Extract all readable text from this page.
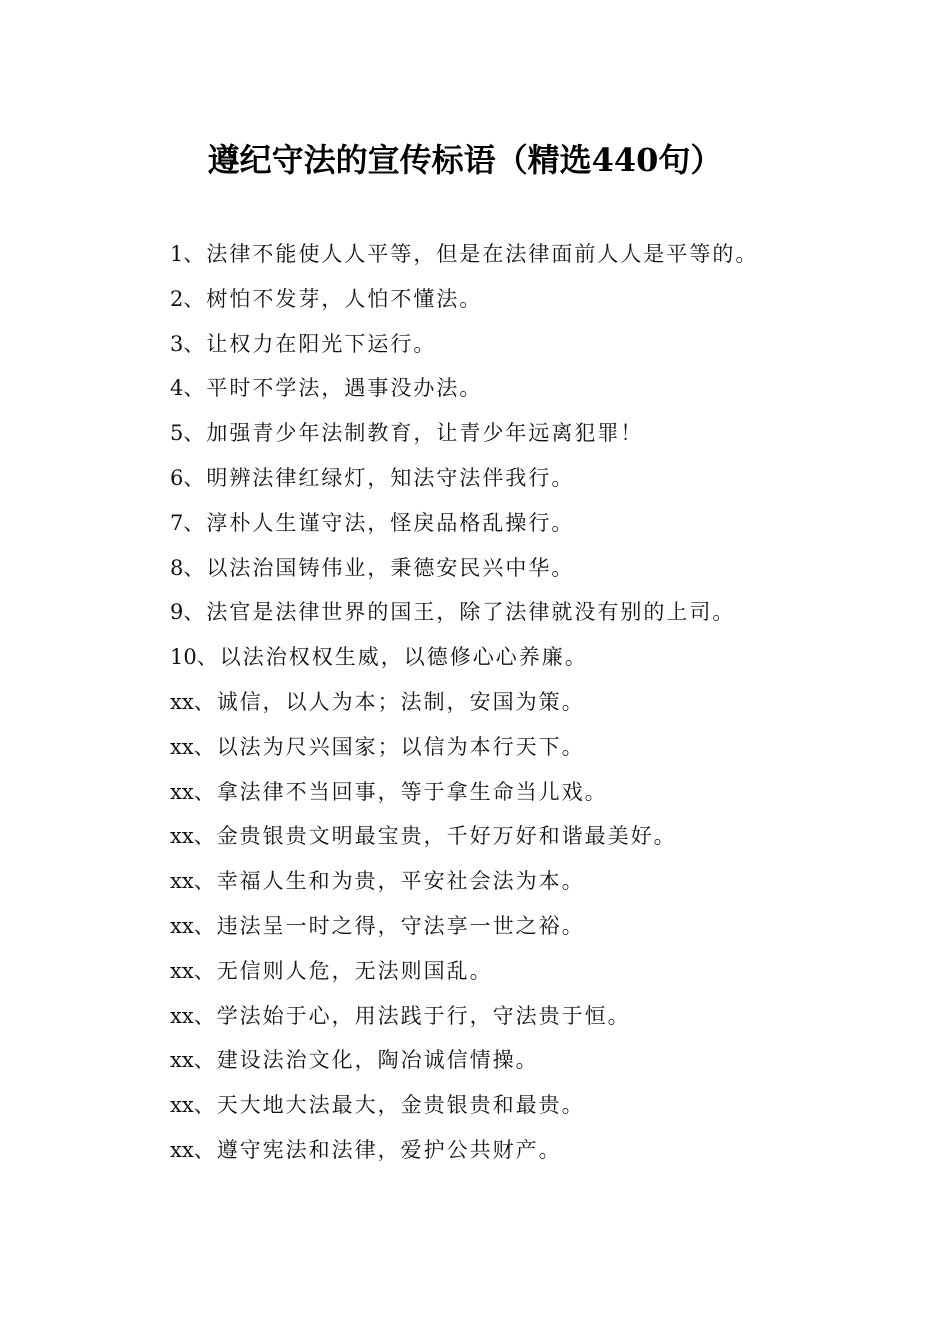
遵纪守法的宣传标语（精选440句）
1、法律不能使人人平等，但是在法律面前人人是平等的。
2、树怕不发芽，人怕不懂法。
3、让权力在阳光下运行。
4、平时不学法，遇事没办法。
5、加强青少年法制教育，让青少年远离犯罪！
6、明辨法律红绿灯，知法守法伴我行。
7、淳朴人生谨守法，怪戾品格乱操行。
8、以法治国铸伟业，秉德安民兴中华。
9、法官是法律世界的国王，除了法律就没有别的上司。
10、以法治权权生威，以德修心心养廉。
xx、诚信，以人为本；法制，安国为策。
xx、以法为尺兴国家；以信为本行天下。
xx、拿法律不当回事，等于拿生命当儿戏。
xx、金贵银贵文明最宝贵，千好万好和谐最美好。
xx、幸福人生和为贵，平安社会法为本。
xx、违法呈一时之得，守法享一世之裕。
xx、无信则人危，无法则国乱。
xx、学法始于心，用法践于行，守法贵于恒。
xx、建设法治文化，陶冶诚信情操。
xx、天大地大法最大，金贵银贵和最贵。
xx、遵守宪法和法律，爱护公共财产。
